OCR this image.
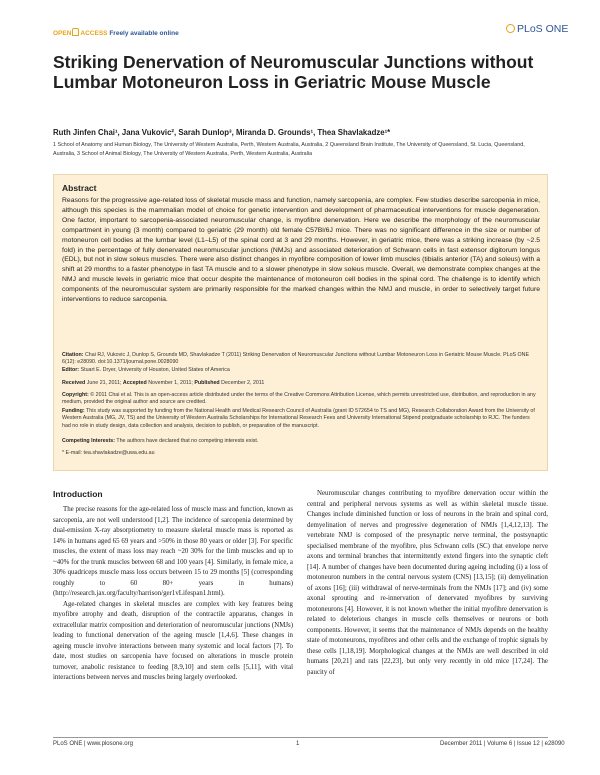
OPEN ACCESS Freely available online	PLoS ONE
Striking Denervation of Neuromuscular Junctions without Lumbar Motoneuron Loss in Geriatric Mouse Muscle
Ruth Jinfen Chai¹, Jana Vukovic², Sarah Dunlop³, Miranda D. Grounds¹, Thea Shavlakadze¹*
1 School of Anatomy and Human Biology, The University of Western Australia, Perth, Western Australia, Australia, 2 Queensland Brain Institute, The University of Queensland, St. Lucia, Queensland, Australia, 3 School of Animal Biology, The University of Western Australia, Perth, Western Australia, Australia
Abstract
Reasons for the progressive age-related loss of skeletal muscle mass and function, namely sarcopenia, are complex. Few studies describe sarcopenia in mice, although this species is the mammalian model of choice for genetic intervention and development of pharmaceutical interventions for muscle degeneration. One factor, important to sarcopenia-associated neuromuscular change, is myofibre denervation. Here we describe the morphology of the neuromuscular compartment in young (3 month) compared to geriatric (29 month) old female C57Bl/6J mice. There was no significant difference in the size or number of motoneuron cell bodies at the lumbar level (L1–L5) of the spinal cord at 3 and 29 months. However, in geriatric mice, there was a striking increase (by ~2.5 fold) in the percentage of fully denervated neuromuscular junctions (NMJs) and associated deterioration of Schwann cells in fast extensor digitorum longus (EDL), but not in slow soleus muscles. There were also distinct changes in myofibre composition of lower limb muscles (tibialis anterior (TA) and soleus) with a shift at 29 months to a faster phenotype in fast TA muscle and to a slower phenotype in slow soleus muscle. Overall, we demonstrate complex changes at the NMJ and muscle levels in geriatric mice that occur despite the maintenance of motoneuron cell bodies in the spinal cord. The challenge is to identify which components of the neuromuscular system are primarily responsible for the marked changes within the NMJ and muscle, in order to selectively target future interventions to reduce sarcopenia.
Citation: Chai RJ, Vukovic J, Dunlop S, Grounds MD, Shavlakadze T (2011) Striking Denervation of Neuromuscular Junctions without Lumbar Motoneuron Loss in Geriatric Mouse Muscle. PLoS ONE 6(12): e28090. doi:10.1371/journal.pone.0028090
Editor: Stuart E. Dryer, University of Houston, United States of America
Received June 21, 2011; Accepted November 1, 2011; Published December 2, 2011
Copyright: © 2011 Chai et al. This is an open-access article distributed under the terms of the Creative Commons Attribution License, which permits unrestricted use, distribution, and reproduction in any medium, provided the original author and source are credited.
Funding: This study was supported by funding from the National Health and Medical Research Council of Australia (grant ID 572654 to TS and MG), Research Collaboration Award from the University of Western Australia (MG, JV, TS) and the University of Western Australia Scholarships for International Research Fees and University International Stipend postgraduate scholarship to RJC. The funders had no role in study design, data collection and analysis, decision to publish, or preparation of the manuscript.
Competing Interests: The authors have declared that no competing interests exist.
* E-mail: tea.shavlakadze@uwa.edu.au
Introduction

The precise reasons for the age-related loss of muscle mass and function, known as sarcopenia, are not well understood [1,2]. The incidence of sarcopenia determined by dual-emission X-ray absorptiometry to measure skeletal muscle mass is reported as 14% in humans aged 65 69 years and >50% in those 80 years or older [3]. For specific muscles, the extent of mass loss may reach ~20 30% for the limb muscles and up to ~40% for the trunk muscles between 68 and 100 years [4]. Similarly, in female mice, a 30% quadriceps muscle mass loss occurs between 15 to 29 months [5] (corresponding roughly to 60 80+ years in humans) (http://research.jax.org/faculty/harrison/ger1vLifespan1.html).

Age-related changes in skeletal muscles are complex with key features being myofibre atrophy and death, disruption of the contractile apparatus, changes in extracellular matrix composition and deterioration of neuromuscular junctions (NMJs) leading to functional denervation of the ageing muscle [1,4,6]. These changes in ageing muscle involve interactions between many systemic and local factors [7]. To date, most studies on sarcopenia have focused on alterations in muscle protein turnover, anabolic resistance to feeding [8,9,10] and stem cells [5,11], with vital interactions between nerves and muscles being largely overlooked.

Neuromuscular changes contributing to myofibre denervation occur within the central and peripheral nervous systems as well as within skeletal muscle tissue. Changes include diminished function or loss of neurons in the brain and spinal cord, demyelination of nerves and progressive degeneration of NMJs [1,4,12,13]. The vertebrate NMJ is composed of the presynaptic nerve terminal, the postsynaptic specialised membrane of the myofibre, plus Schwann cells (SC) that envelope nerve axons and terminal branches that intermittently extend fingers into the synaptic cleft [14]. A number of changes have been documented during ageing including (i) a loss of motoneuron numbers in the central nervous system (CNS) [13,15]; (ii) demyelination of axons [16]; (iii) withdrawal of nerve-terminals from the NMJs [17]; and (iv) some axonal sprouting and re-innervation of denervated myofibres by surviving motoneurons [4]. However, it is not known whether the initial myofibre denervation is related to deleterious changes in muscle cells themselves or neurons or both components. However, it seems that the maintenance of NMJs depends on the healthy state of motoneurons, myofibres and other cells and the exchange of trophic signals by these cells [1,18,19]. Morphological changes at the NMJs are well described in old humans [20,21] and rats [22,23], but only very recently in old mice [17,24]. The paucity of

PLoS ONE | www.plosone.org	1	December 2011 | Volume 6 | Issue 12 | e28090
